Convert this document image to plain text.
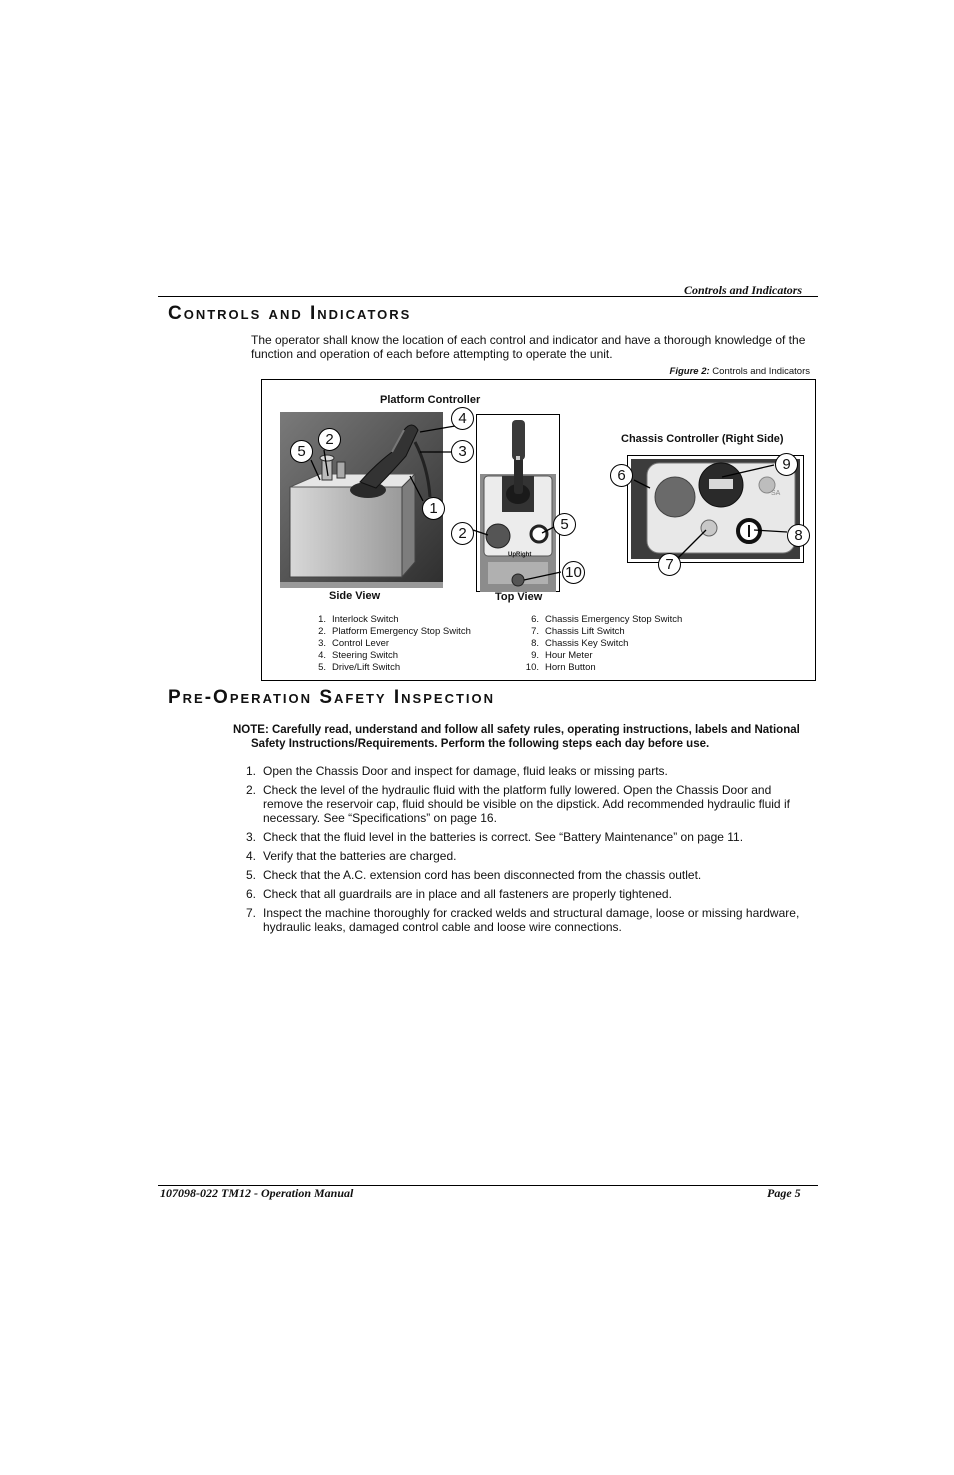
Controls and Indicators
Controls and Indicators
The operator shall know the location of each control and indicator and have a thorough knowledge of the function and operation of each before attempting to operate the unit.
Figure 2: Controls and Indicators
Platform Controller
Chassis Controller (Right Side)
Side View
UpRight
Top View
SA
5
2
4
3
1
2
5
10
6
9
8
7
1. Interlock Switch
2. Platform Emergency Stop Switch
3. Control Lever
4. Steering Switch
5. Drive/Lift Switch
6. Chassis Emergency Stop Switch
7. Chassis Lift Switch
8. Chassis Key Switch
9. Hour Meter
10. Horn Button
Pre-Operation Safety Inspection
NOTE: Carefully read, understand and follow all safety rules, operating instructions, labels and National Safety Instructions/Requirements. Perform the following steps each day before use.
1. Open the Chassis Door and inspect for damage, fluid leaks or missing parts.
2. Check the level of the hydraulic fluid with the platform fully lowered. Open the Chassis Door and remove the reservoir cap, fluid should be visible on the dipstick. Add recommended hydraulic fluid if necessary. See “Specifications” on page 16.
3. Check that the fluid level in the batteries is correct. See “Battery Maintenance” on page 11.
4. Verify that the batteries are charged.
5. Check that the A.C. extension cord has been disconnected from the chassis outlet.
6. Check that all guardrails are in place and all fasteners are properly tightened.
7. Inspect the machine thoroughly for cracked welds and structural damage, loose or missing hardware, hydraulic leaks, damaged control cable and loose wire connections.
107098-022 TM12 - Operation Manual	Page 5
